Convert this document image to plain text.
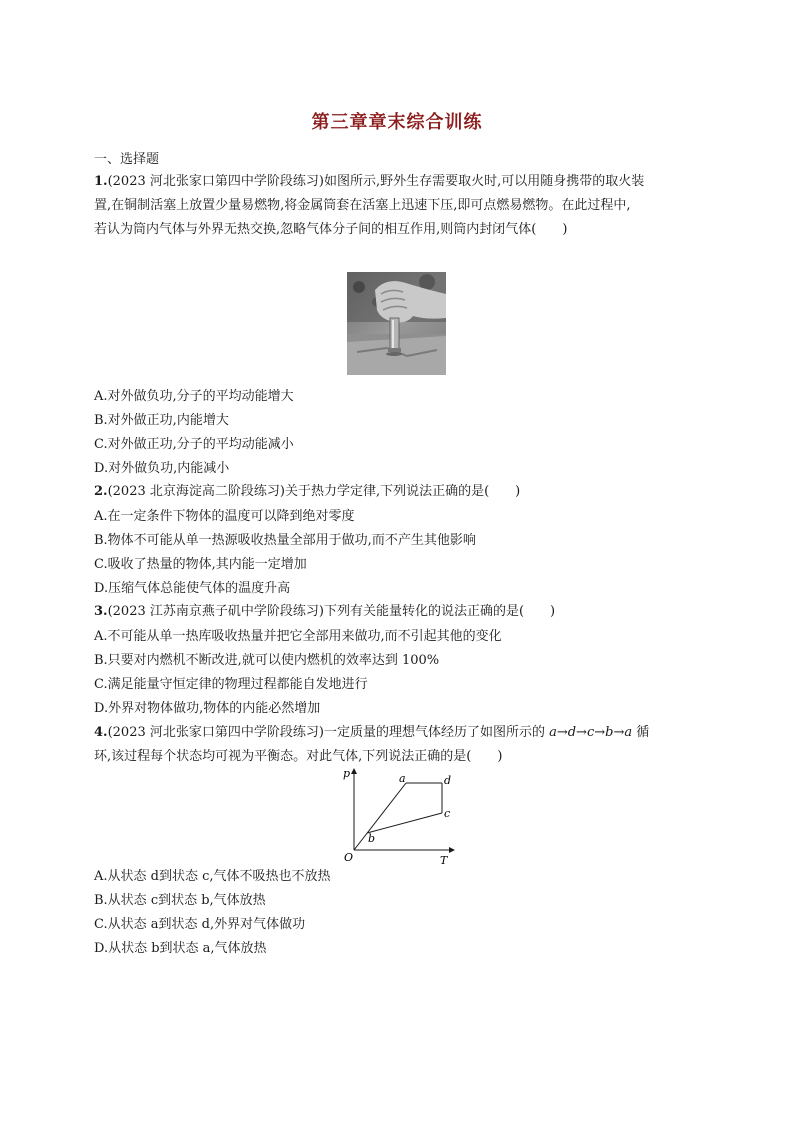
第三章章末综合训练
一、选择题
1.(2023 河北张家口第四中学阶段练习)如图所示,野外生存需要取火时,可以用随身携带的取火装
置,在铜制活塞上放置少量易燃物,将金属筒套在活塞上迅速下压,即可点燃易燃物。在此过程中,
若认为筒内气体与外界无热交换,忽略气体分子间的相互作用,则筒内封闭气体(　　)
A.对外做负功,分子的平均动能增大
B.对外做正功,内能增大
C.对外做正功,分子的平均动能减小
D.对外做负功,内能减小
2.(2023 北京海淀高二阶段练习)关于热力学定律,下列说法正确的是(　　)
A.在一定条件下物体的温度可以降到绝对零度
B.物体不可能从单一热源吸收热量全部用于做功,而不产生其他影响
C.吸收了热量的物体,其内能一定增加
D.压缩气体总能使气体的温度升高
3.(2023 江苏南京燕子矶中学阶段练习)下列有关能量转化的说法正确的是(　　)
A.不可能从单一热库吸收热量并把它全部用来做功,而不引起其他的变化
B.只要对内燃机不断改进,就可以使内燃机的效率达到 100%
C.满足能量守恒定律的物理过程都能自发地进行
D.外界对物体做功,物体的内能必然增加
4.(2023 河北张家口第四中学阶段练习)一定质量的理想气体经历了如图所示的 a→d→c→b→a 循
环,该过程每个状态均可视为平衡态。对此气体,下列说法正确的是(　　)
p
T
O
a	d
c
b
A.从状态 d到状态 c,气体不吸热也不放热
B.从状态 c到状态 b,气体放热
C.从状态 a到状态 d,外界对气体做功
D.从状态 b到状态 a,气体放热
